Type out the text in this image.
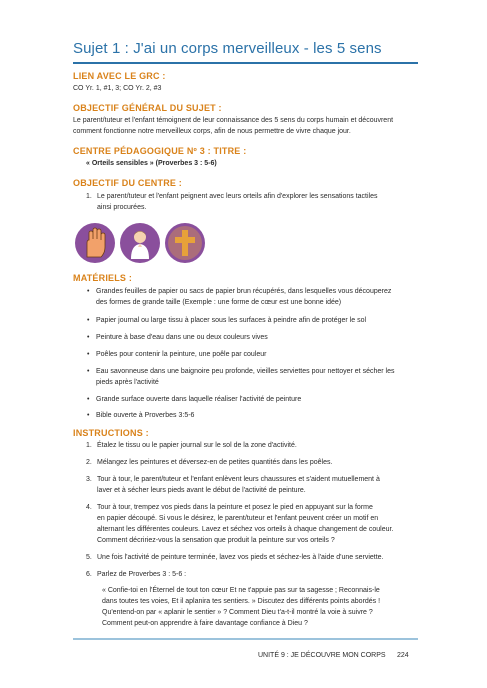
Sujet 1 : J'ai un corps merveilleux - les 5 sens
LIEN AVEC LE GRC :
CO Yr. 1, #1, 3; CO Yr. 2, #3
OBJECTIF GÉNÉRAL DU SUJET :
Le parent/tuteur et l'enfant témoignent de leur connaissance des 5 sens du corps humain et découvrent
comment fonctionne notre merveilleux corps, afin de nous permettre de vivre chaque jour.
CENTRE PÉDAGOGIQUE Nº 3 : TITRE :
« Orteils sensibles » (Proverbes 3 : 5-6)
OBJECTIF DU CENTRE :
1. Le parent/tuteur et l'enfant peignent avec leurs orteils afin d'explorer les sensations tactiles
ainsi procurées.
MATÉRIELS :
• Grandes feuilles de papier ou sacs de papier brun récupérés, dans lesquelles vous découperez
des formes de grande taille (Exemple : une forme de cœur est une bonne idée)
• Papier journal ou large tissu à placer sous les surfaces à peindre afin de protéger le sol
• Peinture à base d'eau dans une ou deux couleurs vives
• Poêles pour contenir la peinture, une poêle par couleur
• Eau savonneuse dans une baignoire peu profonde, vieilles serviettes pour nettoyer et sécher les
pieds après l'activité
• Grande surface ouverte dans laquelle réaliser l'activité de peinture
• Bible ouverte à Proverbes 3:5-6
INSTRUCTIONS :
1. Étalez le tissu ou le papier journal sur le sol de la zone d'activité.
2. Mélangez les peintures et déversez-en de petites quantités dans les poêles.
3. Tour à tour, le parent/tuteur et l'enfant enlèvent leurs chaussures et s'aident mutuellement à
laver et à sécher leurs pieds avant le début de l'activité de peinture.
4. Tour à tour, trempez vos pieds dans la peinture et posez le pied en appuyant sur la forme
en papier découpé. Si vous le désirez, le parent/tuteur et l'enfant peuvent créer un motif en
alternant les différentes couleurs. Lavez et séchez vos orteils à chaque changement de couleur.
Comment décririez-vous la sensation que produit la peinture sur vos orteils ?
5. Une fois l'activité de peinture terminée, lavez vos pieds et séchez-les à l'aide d'une serviette.
6. Parlez de Proverbes 3 : 5-6 :
« Confie-toi en l'Éternel de tout ton cœur Et ne t'appuie pas sur ta sagesse ; Reconnais-le
dans toutes tes voies, Et il aplanira tes sentiers. » Discutez des différents points abordés !
Qu'entend-on par « aplanir le sentier » ? Comment Dieu t'a-t-il montré la voie à suivre ?
Comment peut-on apprendre à faire davantage confiance à Dieu ?
UNITÉ 9 : JE DÉCOUVRE MON CORPS 224
